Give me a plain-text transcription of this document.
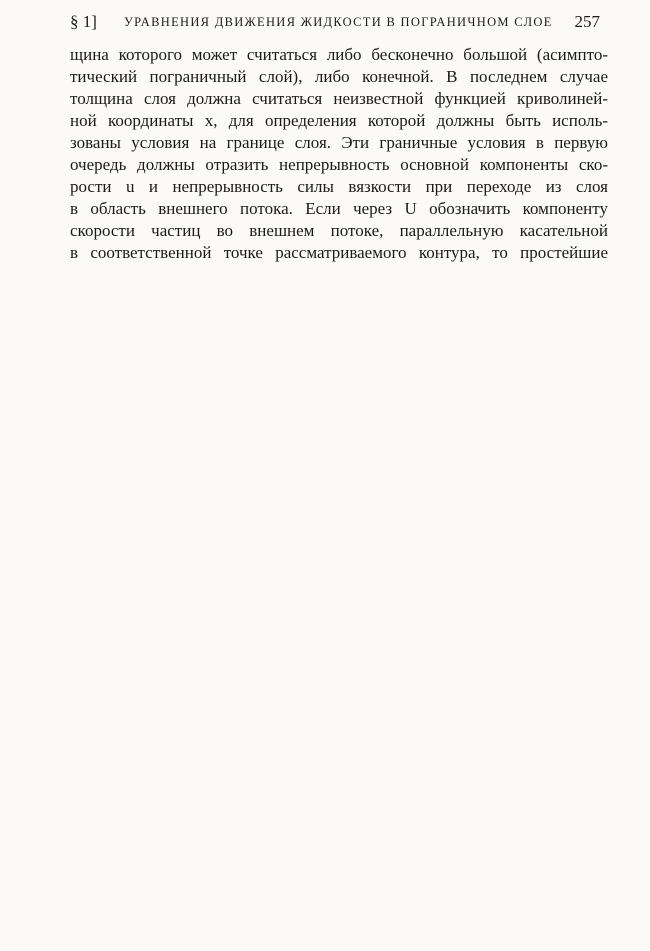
§ 1] УРАВНЕНИЯ ДВИЖЕНИЯ ЖИДКОСТИ В ПОГРАНИЧНОМ СЛОЕ 257
щина которого может считаться либо бесконечно большой (асимпто-
тический пограничный слой), либо конечной. В последнем случае
толщина слоя должна считаться неизвестной функцией криволиней-
ной координаты x, для определения которой должны быть исполь-
зованы условия на границе слоя. Эти граничные условия в первую
очередь должны отразить непрерывность основной компоненты ско-
рости u и непрерывность силы вязкости при переходе из слоя
в область внешнего потока. Если через U обозначить компоненту
скорости частиц во внешнем потоке, параллельную касательной
в соответственной точке рассматриваемого контура, то простейшие
